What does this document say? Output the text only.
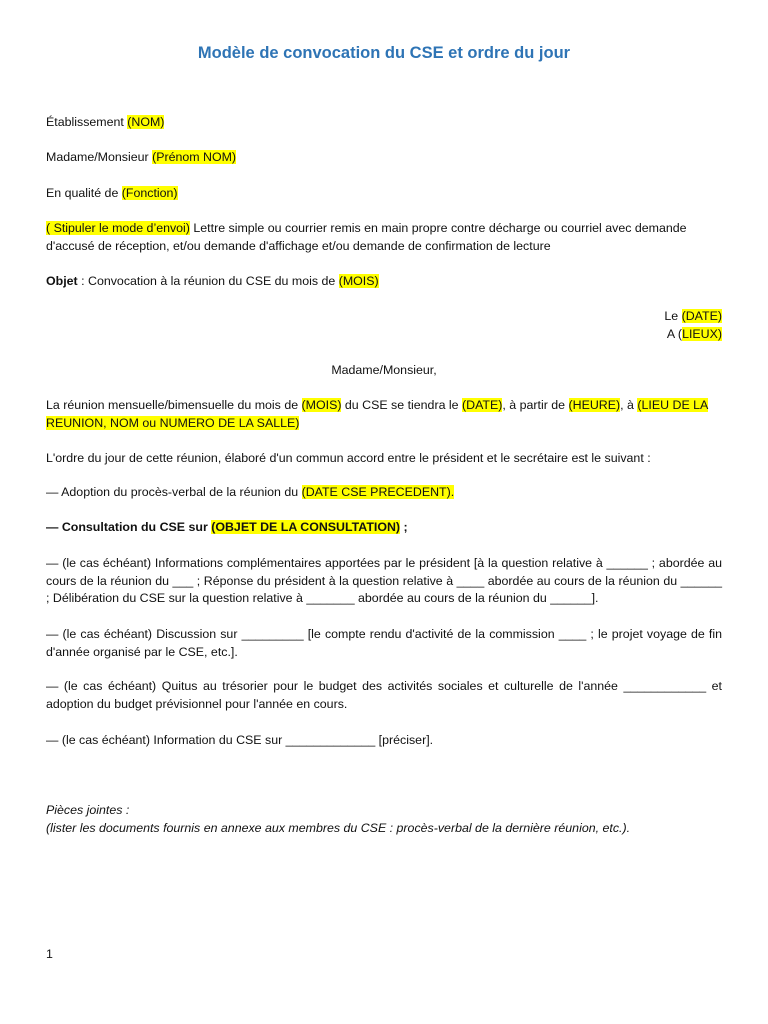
Modèle de convocation du CSE et ordre du jour
Établissement (NOM)
Madame/Monsieur (Prénom NOM)
En qualité de (Fonction)
( Stipuler le mode d’envoi) Lettre simple ou courrier remis en main propre contre décharge ou courriel avec demande d'accusé de réception, et/ou demande d'affichage et/ou demande de confirmation de lecture
Objet : Convocation à la réunion du CSE du mois de (MOIS)
Le (DATE)
A (LIEUX)
Madame/Monsieur,
La réunion mensuelle/bimensuelle du mois de (MOIS) du CSE se tiendra le (DATE), à partir de (HEURE), à (LIEU DE LA REUNION, NOM ou NUMERO DE LA SALLE)
L'ordre du jour de cette réunion, élaboré d'un commun accord entre le président et le secrétaire est le suivant :
— Adoption du procès-verbal de la réunion du (DATE CSE PRECEDENT).
— Consultation du CSE sur (OBJET DE LA CONSULTATION) ;
— (le cas échéant) Informations complémentaires apportées par le président [à la question relative à ______ ; abordée au cours de la réunion du ___ ; Réponse du président à la question relative à ____ abordée au cours de la réunion du ______ ; Délibération du CSE sur la question relative à _______ abordée au cours de la réunion du ______].
— (le cas échéant) Discussion sur _________ [le compte rendu d'activité de la commission ____ ; le projet voyage de fin d'année organisé par le CSE, etc.].
— (le cas échéant) Quitus au trésorier pour le budget des activités sociales et culturelle de l'année ____________ et adoption du budget prévisionnel pour l'année en cours.
— (le cas échéant) Information du CSE sur _____________ [préciser].
Pièces jointes :
(lister les documents fournis en annexe aux membres du CSE : procès-verbal de la dernière réunion, etc.).
1
